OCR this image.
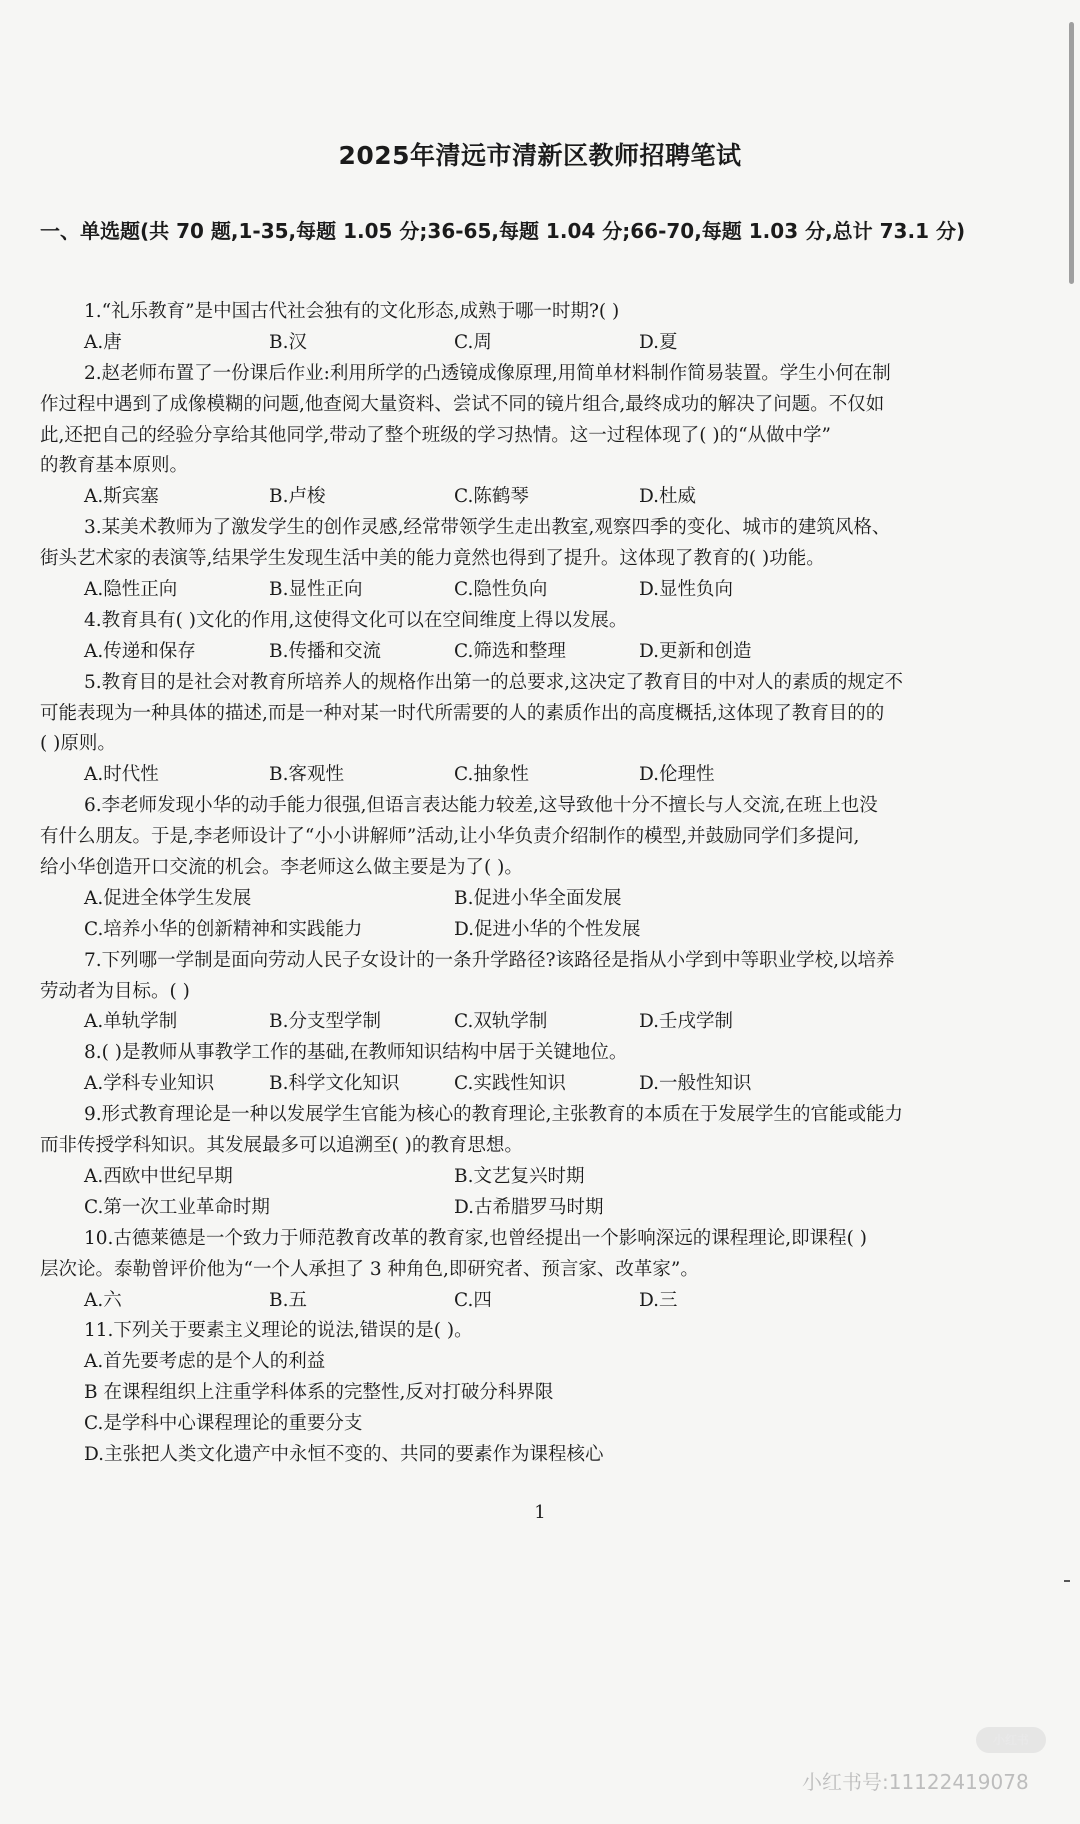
2025年清远市清新区教师招聘笔试
一、单选题(共 70 题,1-35,每题 1.05 分;36-65,每题 1.04 分;66-70,每题 1.03 分,总计 73.1 分)
1.“礼乐教育”是中国古代社会独有的文化形态,成熟于哪一时期?( )
A.唐	B.汉	C.周	D.夏
2.赵老师布置了一份课后作业:利用所学的凸透镜成像原理,用简单材料制作简易装置。学生小何在制
作过程中遇到了成像模糊的问题,他查阅大量资料、尝试不同的镜片组合,最终成功的解决了问题。不仅如
此,还把自己的经验分享给其他同学,带动了整个班级的学习热情。这一过程体现了( )的“从做中学”
的教育基本原则。
A.斯宾塞	B.卢梭	C.陈鹤琴	D.杜威
3.某美术教师为了激发学生的创作灵感,经常带领学生走出教室,观察四季的变化、城市的建筑风格、
街头艺术家的表演等,结果学生发现生活中美的能力竟然也得到了提升。这体现了教育的( )功能。
A.隐性正向	B.显性正向	C.隐性负向	D.显性负向
4.教育具有( )文化的作用,这使得文化可以在空间维度上得以发展。
A.传递和保存	B.传播和交流	C.筛选和整理	D.更新和创造
5.教育目的是社会对教育所培养人的规格作出第一的总要求,这决定了教育目的中对人的素质的规定不
可能表现为一种具体的描述,而是一种对某一时代所需要的人的素质作出的高度概括,这体现了教育目的的
( )原则。
A.时代性	B.客观性	C.抽象性	D.伦理性
6.李老师发现小华的动手能力很强,但语言表达能力较差,这导致他十分不擅长与人交流,在班上也没
有什么朋友。于是,李老师设计了“小小讲解师”活动,让小华负责介绍制作的模型,并鼓励同学们多提问,
给小华创造开口交流的机会。李老师这么做主要是为了( )。
A.促进全体学生发展	B.促进小华全面发展
C.培养小华的创新精神和实践能力	D.促进小华的个性发展
7.下列哪一学制是面向劳动人民子女设计的一条升学路径?该路径是指从小学到中等职业学校,以培养
劳动者为目标。( )
A.单轨学制	B.分支型学制	C.双轨学制	D.壬戌学制
8.( )是教师从事教学工作的基础,在教师知识结构中居于关键地位。
A.学科专业知识	B.科学文化知识	C.实践性知识	D.一般性知识
9.形式教育理论是一种以发展学生官能为核心的教育理论,主张教育的本质在于发展学生的官能或能力
而非传授学科知识。其发展最多可以追溯至( )的教育思想。
A.西欧中世纪早期	B.文艺复兴时期
C.第一次工业革命时期	D.古希腊罗马时期
10.古德莱德是一个致力于师范教育改革的教育家,也曾经提出一个影响深远的课程理论,即课程( )
层次论。泰勒曾评价他为“一个人承担了 3 种角色,即研究者、预言家、改革家”。
A.六	B.五	C.四	D.三
11.下列关于要素主义理论的说法,错误的是( )。
A.首先要考虑的是个人的利益
B 在课程组织上注重学科体系的完整性,反对打破分科界限
C.是学科中心课程理论的重要分支
D.主张把人类文化遗产中永恒不变的、共同的要素作为课程核心
1
小红书
小红书号:11122419078
